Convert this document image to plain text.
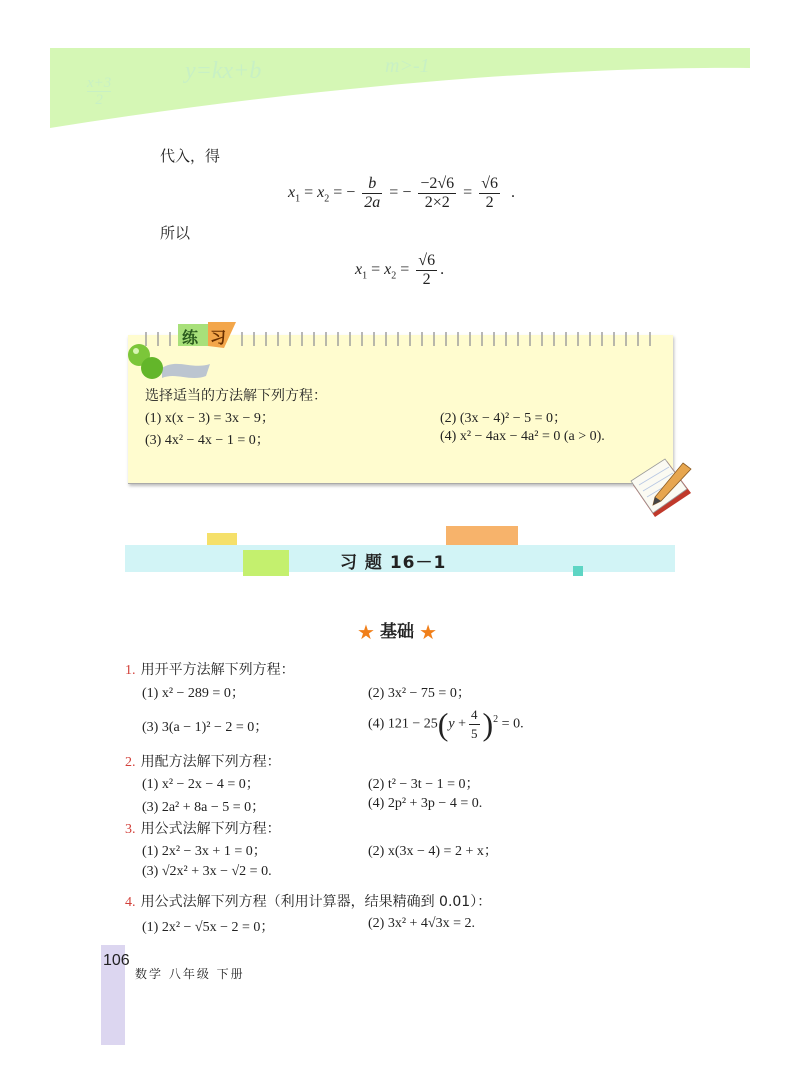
$\frac{x+3}{2}$
y=kx+b	m>-1
代入，得
$x_1 = x_2$ = − $\frac{b}{2a}$ = − $\frac{-2√6}{2\times 2} = \frac{√6}{2}$ .
所以
$x_1 = x_2 = \frac{√6}{2}$ .
练 习
选择适当的方法解下列方程：
(1) x(x − 3) = 3x − 9；	(2) (3x − 4)² − 5 = 0；
(3) 4x² − 4x − 1 = 0；	(4) x² − 4ax − 4a² = 0 (a > 0).
习 题 16－1
★ 基础 ★
1. 用开平方法解下列方程：
(1) x² − 289 = 0；	(2) 3x² − 75 = 0；
(3) 3(a − 1)² − 2 = 0；	(4) $121 - 25(y + \frac{4}{5} )^2 = 0$.
2. 用配方法解下列方程：
(1) x² − 2x − 4 = 0；	(2) t² − 3t − 1 = 0；
(3) 2a² + 8a − 5 = 0；	(4) 2p² + 3p − 4 = 0.
3. 用公式法解下列方程：
(1) 2x² − 3x + 1 = 0；	(2) x(3x − 4) = 2 + x；
(3) √2x² + 3x − √2 = 0.
4. 用公式法解下列方程（利用计算器，结果精确到 0.01）：
(1) 2x² − √5x − 2 = 0；	(2) 3x² + 4√3x = 2.
106
数学 八年级 下册
